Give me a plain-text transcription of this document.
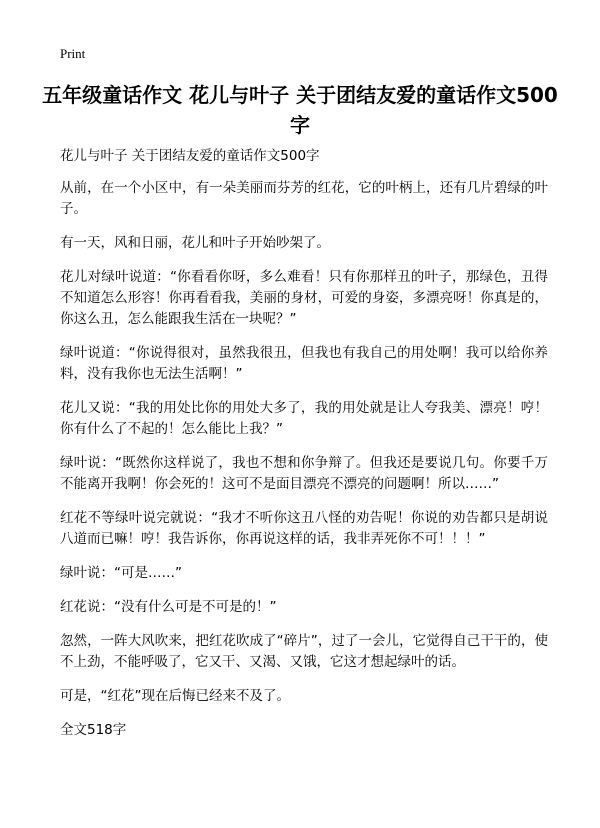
Print
五年级童话作文 花儿与叶子 关于团结友爱的童话作文500字

花儿与叶子 关于团结友爱的童话作文500字

从前，在一个小区中，有一朵美丽而芬芳的红花，它的叶柄上，还有几片碧绿的叶子。

有一天，风和日丽，花儿和叶子开始吵架了。

花儿对绿叶说道：“你看看你呀，多么难看！只有你那样丑的叶子，那绿色，丑得不知道怎么形容！你再看看我，美丽的身材，可爱的身姿，多漂亮呀！你真是的，你这么丑，怎么能跟我生活在一块呢？”

绿叶说道：“你说得很对，虽然我很丑，但我也有我自己的用处啊！我可以给你养料，没有我你也无法生活啊！”

花儿又说：“我的用处比你的用处大多了，我的用处就是让人夸我美、漂亮！哼！你有什么了不起的！怎么能比上我？”

绿叶说：“既然你这样说了，我也不想和你争辩了。但我还是要说几句。你要千万不能离开我啊！你会死的！这可不是面目漂亮不漂亮的问题啊！所以……”

红花不等绿叶说完就说：“我才不听你这丑八怪的劝告呢！你说的劝告都只是胡说八道而已嘛！哼！我告诉你，你再说这样的话，我非弄死你不可！！！”

绿叶说：“可是……”

红花说：“没有什么可是不可是的！”

忽然，一阵大风吹来，把红花吹成了“碎片”，过了一会儿，它觉得自己干干的，使不上劲，不能呼吸了，它又干、又渴、又饿，它这才想起绿叶的话。

可是，“红花”现在后悔已经来不及了。

全文518字
